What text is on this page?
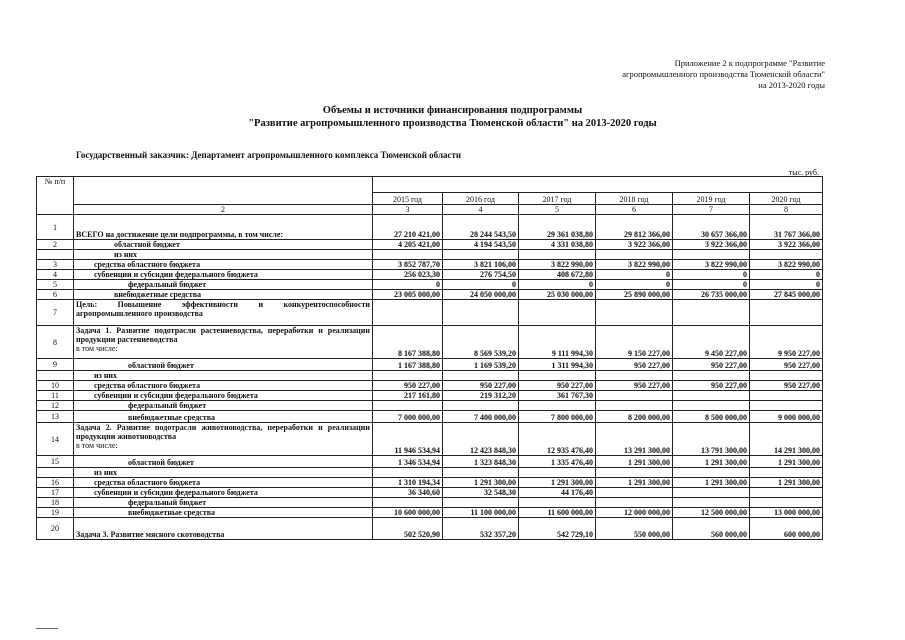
Приложение 2 к подпрограмме "Развитие
агропромышленного производства Тюменской области"
на 2013-2020 годы
Объемы и источники финансирования подпрограммы
"Развитие агропромышленного производства Тюменской области" на 2013-2020 годы
Государственный заказчик: Департамент агропромышленного комплекса Тюменской области
тыс. руб.
№ п/п							
		2015 год	2016 год	2017 год	2018 год	2019 год	2020 год
	2	3	4	5	6	7	8
1	ВСЕГО на достижение цели подпрограммы, в том числе:	27 210 421,00	28 244 543,50	29 361 038,80	29 812 366,00	30 657 366,00	31 767 366,00
2	областной бюджет	4 205 421,00	4 194 543,50	4 331 038,80	3 922 366,00	3 922 366,00	3 922 366,00

	из них						

3	средства областного бюджета	3 852 787,70	3 821 106,00	3 822 990,00	3 822 990,00	3 822 990,00	3 822 990,00
4	субвенции и субсидии федерального бюджета	256 023,30	276 754,50	408 672,80	0	0	0
5	федеральный бюджет	0	0	0	0	0	0
6	внебюджетные средства	23 005 000,00	24 050 000,00	25 030 000,00	25 890 000,00	26 735 000,00	27 845 000,00
7	Цель: Повышение эффективности и конкурентоспособности агропромышленного производства						

8	Задача 1. Развитие подотрасли растениеводства, переработки и реализации продукции растениеводства
в том числе:	8 167 388,80	8 569 539,20	9 111 994,30	9 150 227,00	9 450 227,00	9 950 227,00
9	областной бюджет	1 167 388,80	1 169 539,20	1 311 994,30	950 227,00	950 227,00	950 227,00

	из них						

10	средства областного бюджета	950 227,00	950 227,00	950 227,00	950 227,00	950 227,00	950 227,00
11	субвенции и субсидии федерального бюджета	217 161,80	219 312,20	361 767,30			
12	федеральный бюджет						

13	внебюджетные средства	7 000 000,00	7 400 000,00	7 800 000,00	8 200 000,00	8 500 000,00	9 000 000,00
14	Задача 2. Развитие подотрасли животноводства, переработки и реализации продукции животноводства
в том числе:	11 946 534,94	12 423 848,30	12 935 476,40	13 291 300,00	13 791 300,00	14 291 300,00
15	областной бюджет	1 346 534,94	1 323 848,30	1 335 476,40	1 291 300,00	1 291 300,00	1 291 300,00

	из них						

16	средства областного бюджета	1 310 194,34	1 291 300,00	1 291 300,00	1 291 300,00	1 291 300,00	1 291 300,00
17	субвенции и субсидии федерального бюджета	36 340,60	32 548,30	44 176,40			
18	федеральный бюджет						

19	внебюджетные средства	10 600 000,00	11 100 000,00	11 600 000,00	12 000 000,00	12 500 000,00	13 000 000,00
20	Задача 3. Развитие мясного скотоводства	502 520,90	532 357,20	542 729,10	550 000,00	560 000,00	600 000,00
